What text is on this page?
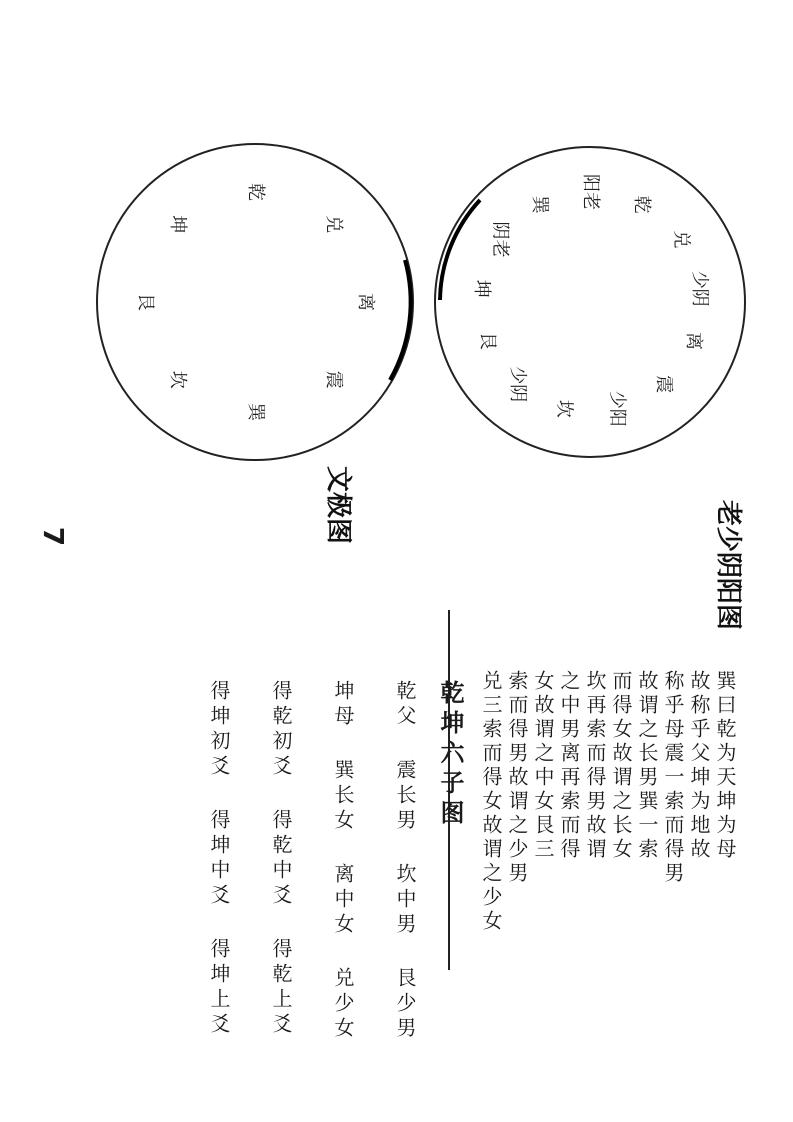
7
阳老 乾
兑
少阴
离
震
少阳
坎
少阴
艮
坤
阴老
巽
老少阴阳图
乾
兑
离
震
巽
坎
艮
坤
文极图
巽曰乾为天坤为母
故称乎父坤为地故
称乎母震一索而得男
故谓之长男巽一索
而得女故谓之长女
坎再索而得男故谓
之中男离再索而得
女故谓之中女艮三
索而得男故谓之少男
兑三索而得女故谓之少女
乾坤六子图
乾父 震长男 坎中男 艮少男
坤母 巽长女 离中女 兑少女
得乾初爻 得乾中爻 得乾上爻
得坤初爻 得坤中爻 得坤上爻
